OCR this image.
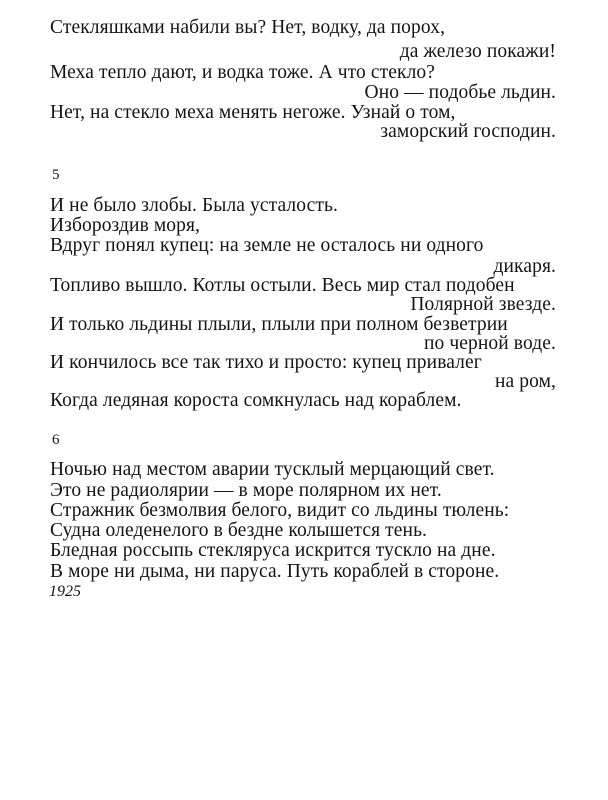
Стекляшками набили вы? Нет, водку, да порох,
да железо покажи!
Меха тепло дают, и водка тоже. А что стекло?
Оно — подобье льдин.
Нет, на стекло меха менять негоже. Узнай о том,
заморский господин.
5
И не было злобы. Была усталость.
Избороздив моря,
Вдруг понял купец: на земле не осталось ни одного
дикаря.
Топливо вышло. Котлы остыли. Весь мир стал подобен
Полярной звезде.
И только льдины плыли, плыли при полном безветрии
по черной воде.
И кончилось все так тихо и просто: купец привалег
на ром,
Когда ледяная короста сомкнулась над кораблем.
6
Ночью над местом аварии тусклый мерцающий свет.
Это не радиолярии — в море полярном их нет.
Стражник безмолвия белого, видит со льдины тюлень:
Судна оледенелого в бездне колышется тень.
Бледная россыпь стекляруса искрится тускло на дне.
В море ни дыма, ни паруса. Путь кораблей в стороне.
1925
